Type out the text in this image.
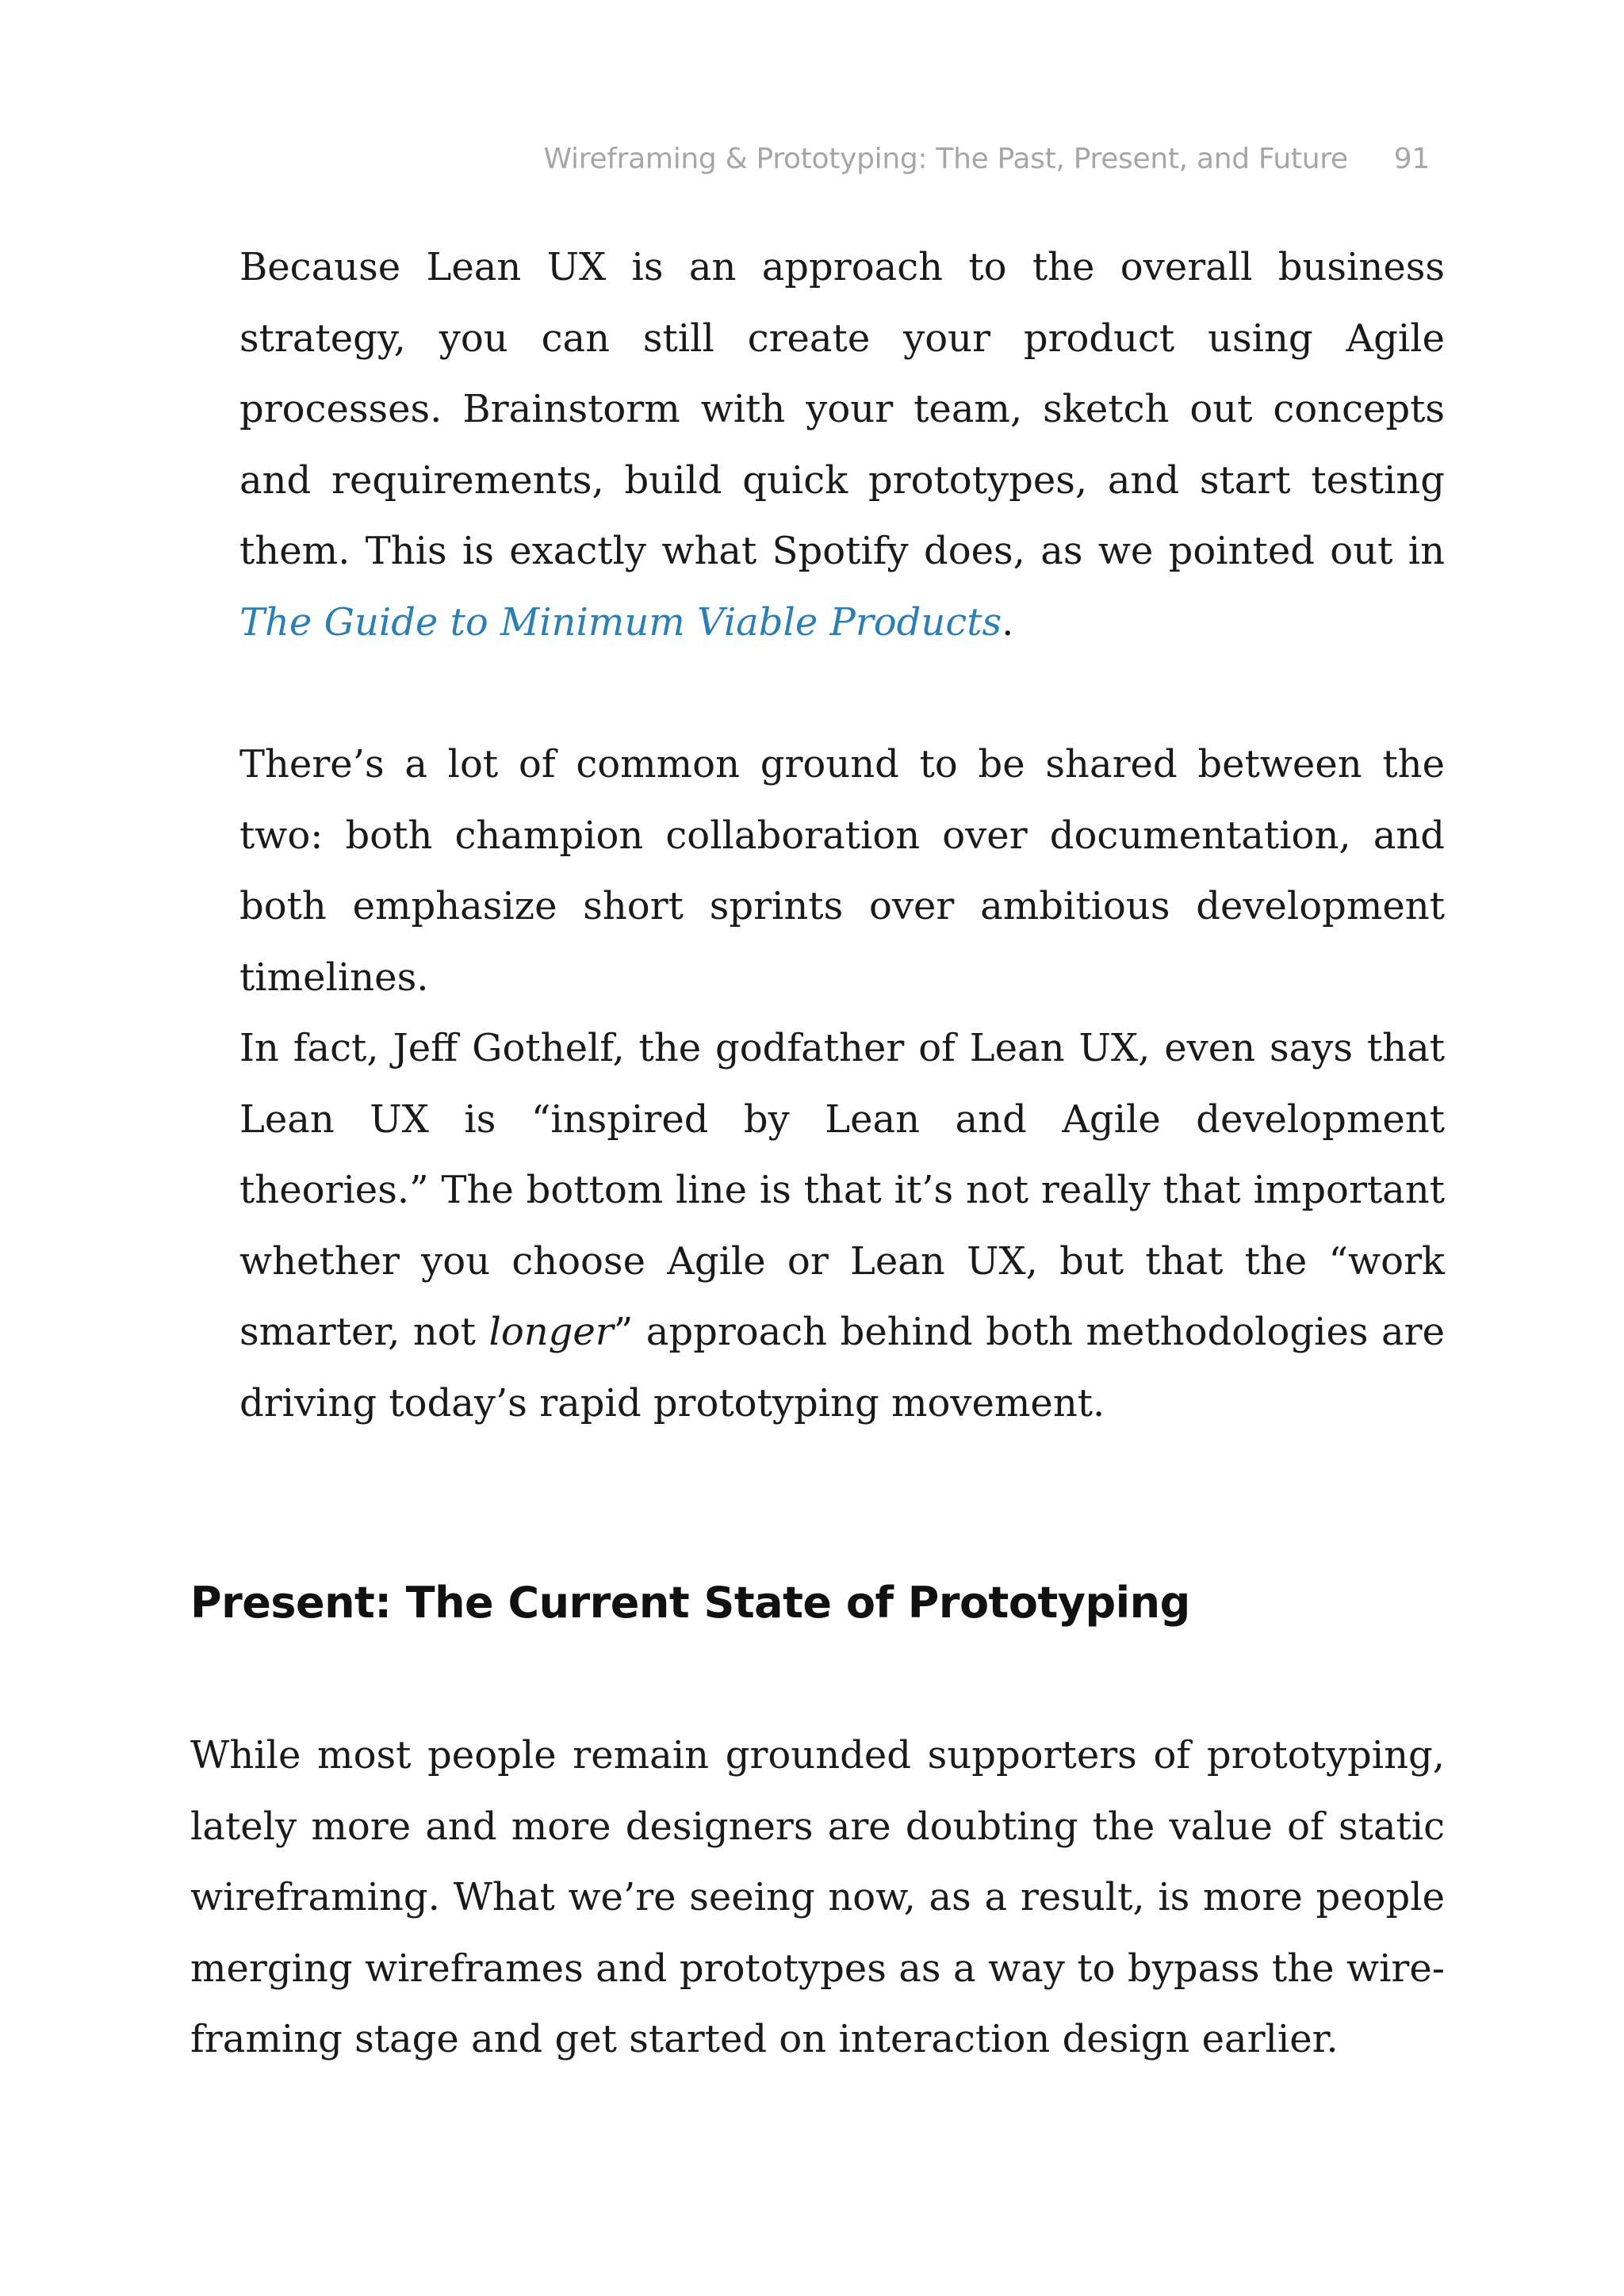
Wireframing & Prototyping: The Past, Present, and Future 91

Because Lean UX is an approach to the overall business strategy, you can still create your product using Agile processes. Brainstorm with your team, sketch out concepts and requirements, build quick prototypes, and start testing them. This is exactly what Spotify does, as we pointed out in The Guide to Minimum Viable Products.

There’s a lot of common ground to be shared between the two: both champion collaboration over documentation, and both emphasize short sprints over ambitious development timelines.

In fact, Jeff Gothelf, the godfather of Lean UX, even says that Lean UX is “inspired by Lean and Agile development theories.” The bottom line is that it’s not really that important whether you choose Agile or Lean UX, but that the “work smarter, not longer” approach behind both methodologies are driving today’s rapid prototyping movement.

Present: The Current State of Prototyping

While most people remain grounded supporters of prototyping, lately more and more designers are doubting the value of static wireframing. What we’re seeing now, as a result, is more people merging wireframes and prototypes as a way to bypass the wireframing stage and get started on interaction design earlier.
